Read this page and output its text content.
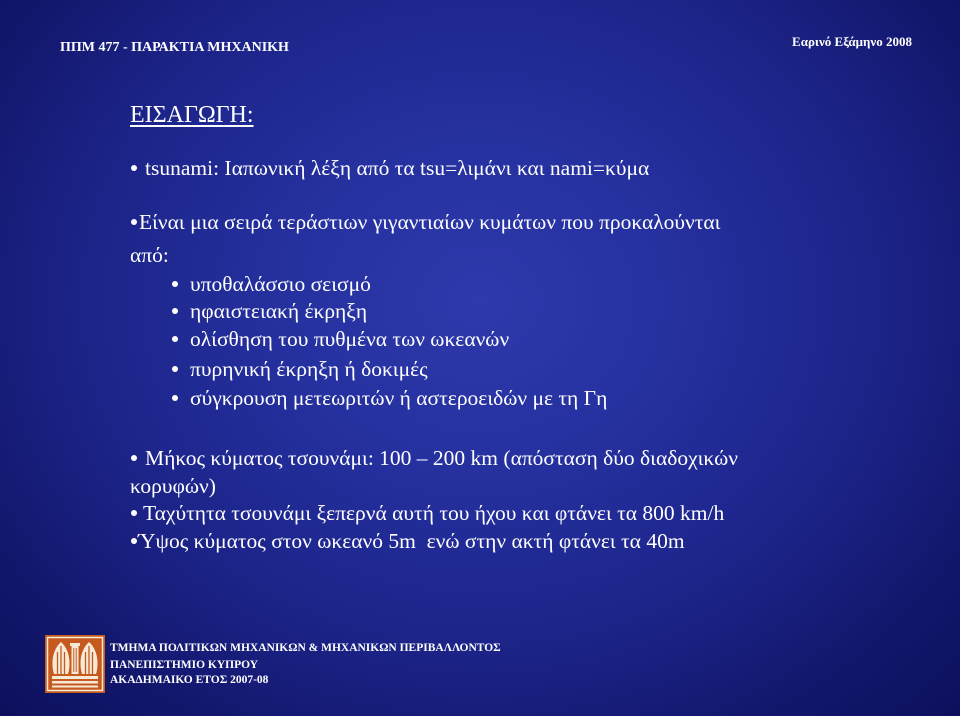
ΠΠΜ 477 - ΠΑΡΑΚΤΙΑ ΜΗΧΑΝΙΚΗ	Εαρινό Εξάμηνο 2008
ΕΙΣΑΓΩΓΗ:
tsunami: Ιαπωνική λέξη από τα tsu=λιμάνι και nami=κύμα
Είναι μια σειρά τεράστιων γιγαντιαίων κυμάτων που προκαλούνται
από:
υποθαλάσσιο σεισμό
ηφαιστειακή έκρηξη
ολίσθηση του πυθμένα των ωκεανών
πυρηνική έκρηξη ή δοκιμές
σύγκρουση μετεωριτών ή αστεροειδών με τη Γη
Μήκος κύματος τσουνάμι: 100 – 200 km (απόσταση δύο διαδοχικών
κορυφών)
Ταχύτητα τσουνάμι ξεπερνά αυτή του ήχου και φτάνει τα 800 km/h
Ύψος κύματος στον ωκεανό 5m  ενώ στην ακτή φτάνει τα 40m
ΤΜΗΜΑ ΠΟΛΙΤΙΚΩΝ ΜΗΧΑΝΙΚΩΝ & ΜΗΧΑΝΙΚΩΝ ΠΕΡΙΒΑΛΛΟΝΤΟΣ
ΠΑΝΕΠΙΣΤΗΜΙΟ ΚΥΠΡΟΥ
ΑΚΑΔΗΜΑΙΚΟ ΕΤΟΣ 2007-08
